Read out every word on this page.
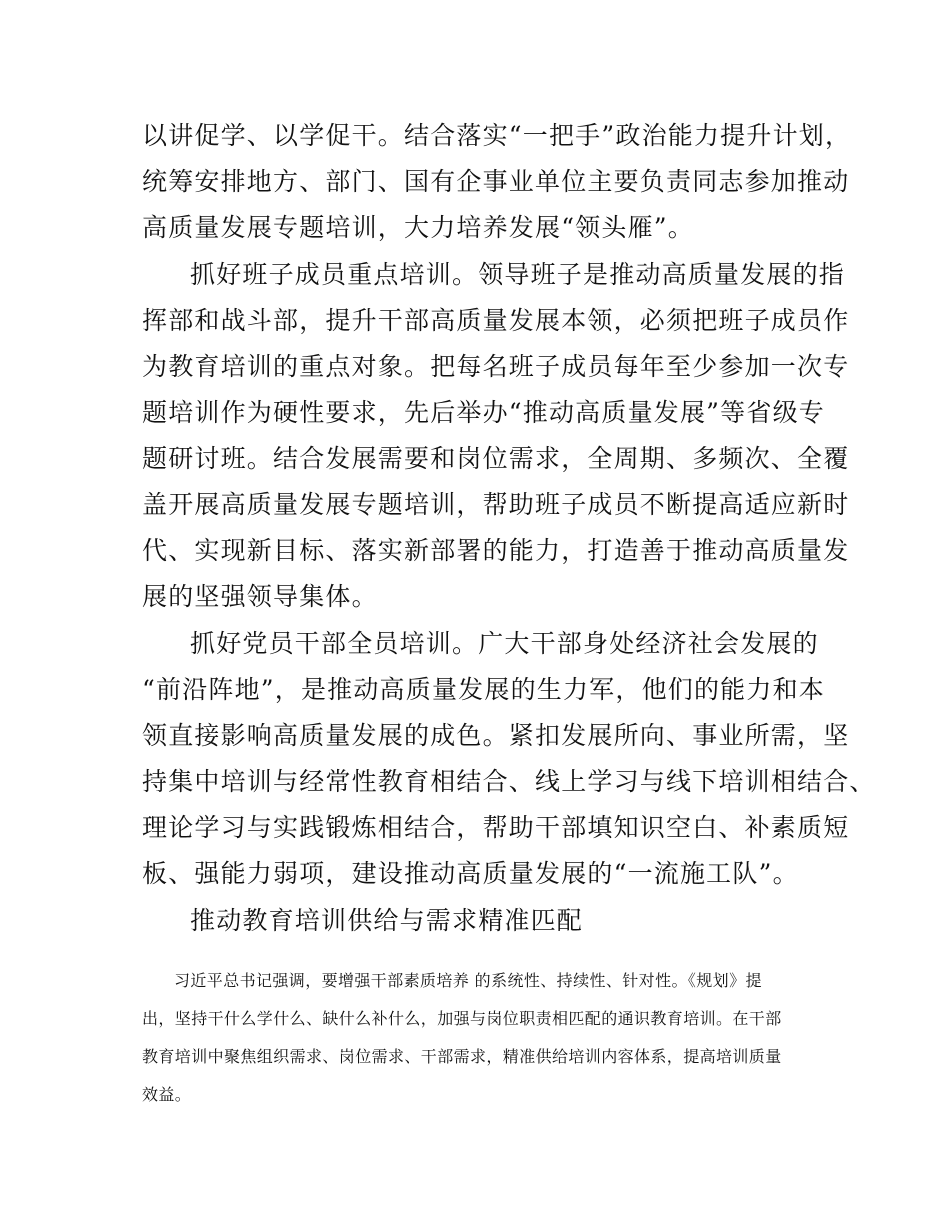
以讲促学、以学促干。结合落实“一把手”政治能力提升计划，
统筹安排地方、部门、国有企事业单位主要负责同志参加推动
高质量发展专题培训，大力培养发展“领头雁”。
抓好班子成员重点培训。领导班子是推动高质量发展的指
挥部和战斗部，提升干部高质量发展本领，必须把班子成员作
为教育培训的重点对象。把每名班子成员每年至少参加一次专
题培训作为硬性要求，先后举办“推动高质量发展”等省级专
题研讨班。结合发展需要和岗位需求，全周期、多频次、全覆
盖开展高质量发展专题培训，帮助班子成员不断提高适应新时
代、实现新目标、落实新部署的能力，打造善于推动高质量发
展的坚强领导集体。
抓好党员干部全员培训。广大干部身处经济社会发展的
“前沿阵地”，是推动高质量发展的生力军，他们的能力和本
领直接影响高质量发展的成色。紧扣发展所向、事业所需，坚
持集中培训与经常性教育相结合、线上学习与线下培训相结合、
理论学习与实践锻炼相结合，帮助干部填知识空白、补素质短
板、强能力弱项，建设推动高质量发展的“一流施工队”。
推动教育培训供给与需求精准匹配
习近平总书记强调，要增强干部素质培养 的系统性、持续性、针对性。《规划》提
出，坚持干什么学什么、缺什么补什么，加强与岗位职责相匹配的通识教育培训。在干部
教育培训中聚焦组织需求、岗位需求、干部需求，精准供给培训内容体系，提高培训质量
效益。
